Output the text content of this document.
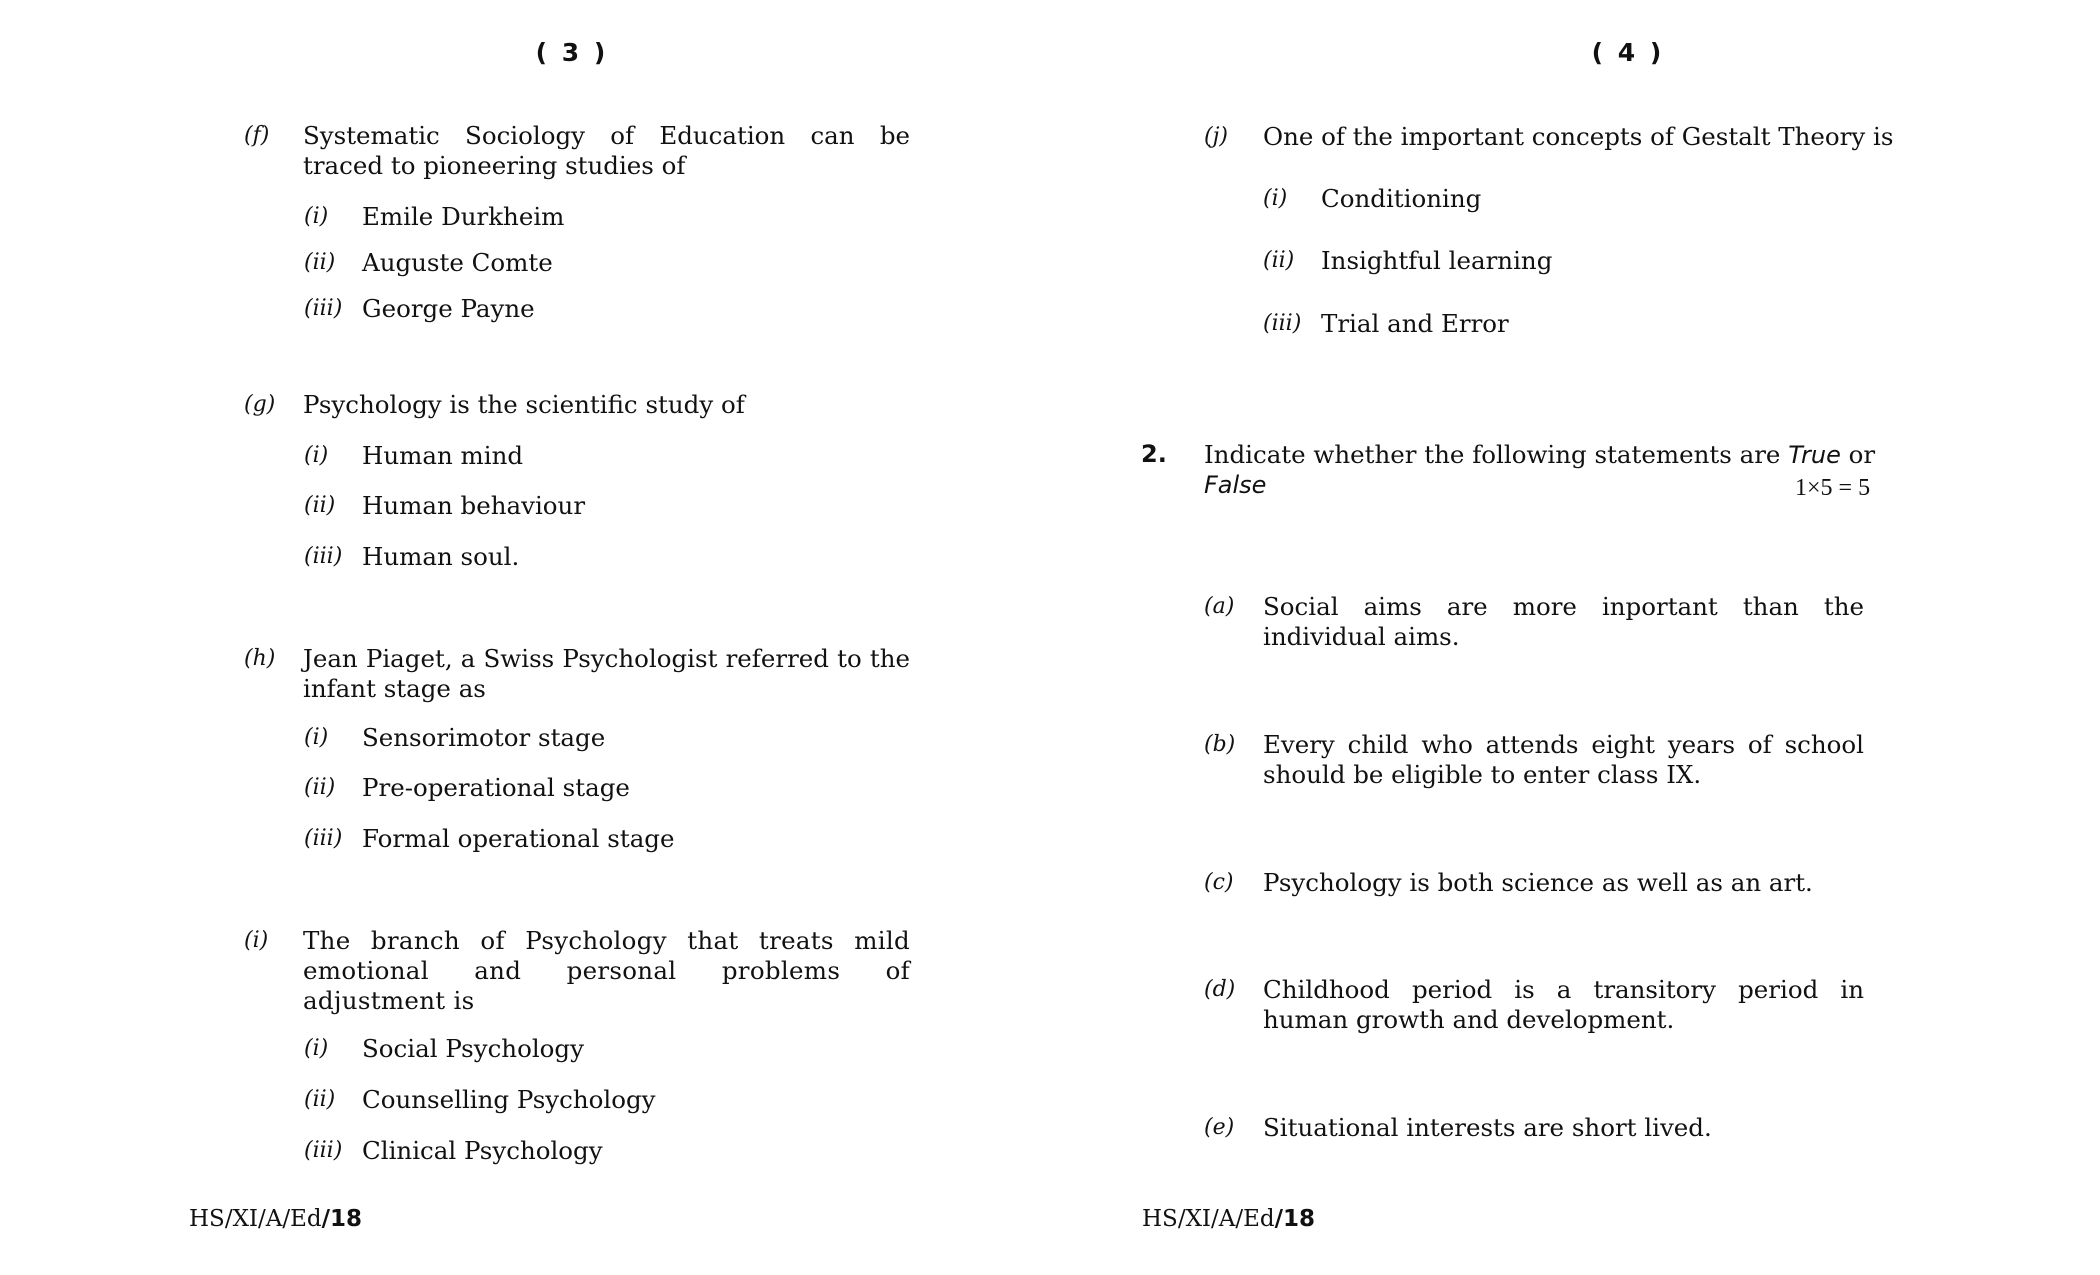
( 3 )
(f) Systematic Sociology of Education can be traced to pioneering studies of
(i) Emile Durkheim
(ii) Auguste Comte
(iii) George Payne
(g) Psychology is the scientific study of
(i) Human mind
(ii) Human behaviour
(iii) Human soul.
(h) Jean Piaget, a Swiss Psychologist referred to the infant stage as
(i) Sensorimotor stage
(ii) Pre-operational stage
(iii) Formal operational stage
(i) The branch of Psychology that treats mild emotional and personal problems of adjustment is
(i) Social Psychology
(ii) Counselling Psychology
(iii) Clinical Psychology
HS/XI/A/Ed/18
( 4 )
(j) One of the important concepts of Gestalt Theory is
(i) Conditioning
(ii) Insightful learning
(iii) Trial and Error
2. Indicate whether the following statements are True or
False	1×5 = 5
(a) Social aims are more inportant than the individual aims.
(b) Every child who attends eight years of school should be eligible to enter class IX.
(c) Psychology is both science as well as an art.
(d) Childhood period is a transitory period in human growth and development.
(e) Situational interests are short lived.
HS/XI/A/Ed/18
